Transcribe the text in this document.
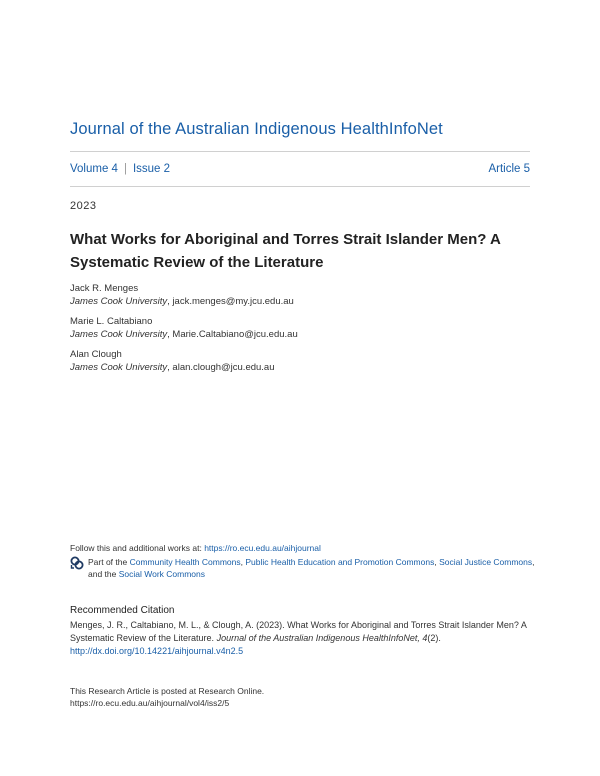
Journal of the Australian Indigenous HealthInfoNet
Volume 4 | Issue 2	Article 5
2023
What Works for Aboriginal and Torres Strait Islander Men? A Systematic Review of the Literature
Jack R. Menges
James Cook University, jack.menges@my.jcu.edu.au
Marie L. Caltabiano
James Cook University, Marie.Caltabiano@jcu.edu.au
Alan Clough
James Cook University, alan.clough@jcu.edu.au
Follow this and additional works at: https://ro.ecu.edu.au/aihjournal
Part of the Community Health Commons, Public Health Education and Promotion Commons, Social Justice Commons, and the Social Work Commons
Recommended Citation
Menges, J. R., Caltabiano, M. L., & Clough, A. (2023). What Works for Aboriginal and Torres Strait Islander Men? A Systematic Review of the Literature. Journal of the Australian Indigenous HealthInfoNet, 4(2).
http://dx.doi.org/10.14221/aihjournal.v4n2.5
This Research Article is posted at Research Online.
https://ro.ecu.edu.au/aihjournal/vol4/iss2/5
